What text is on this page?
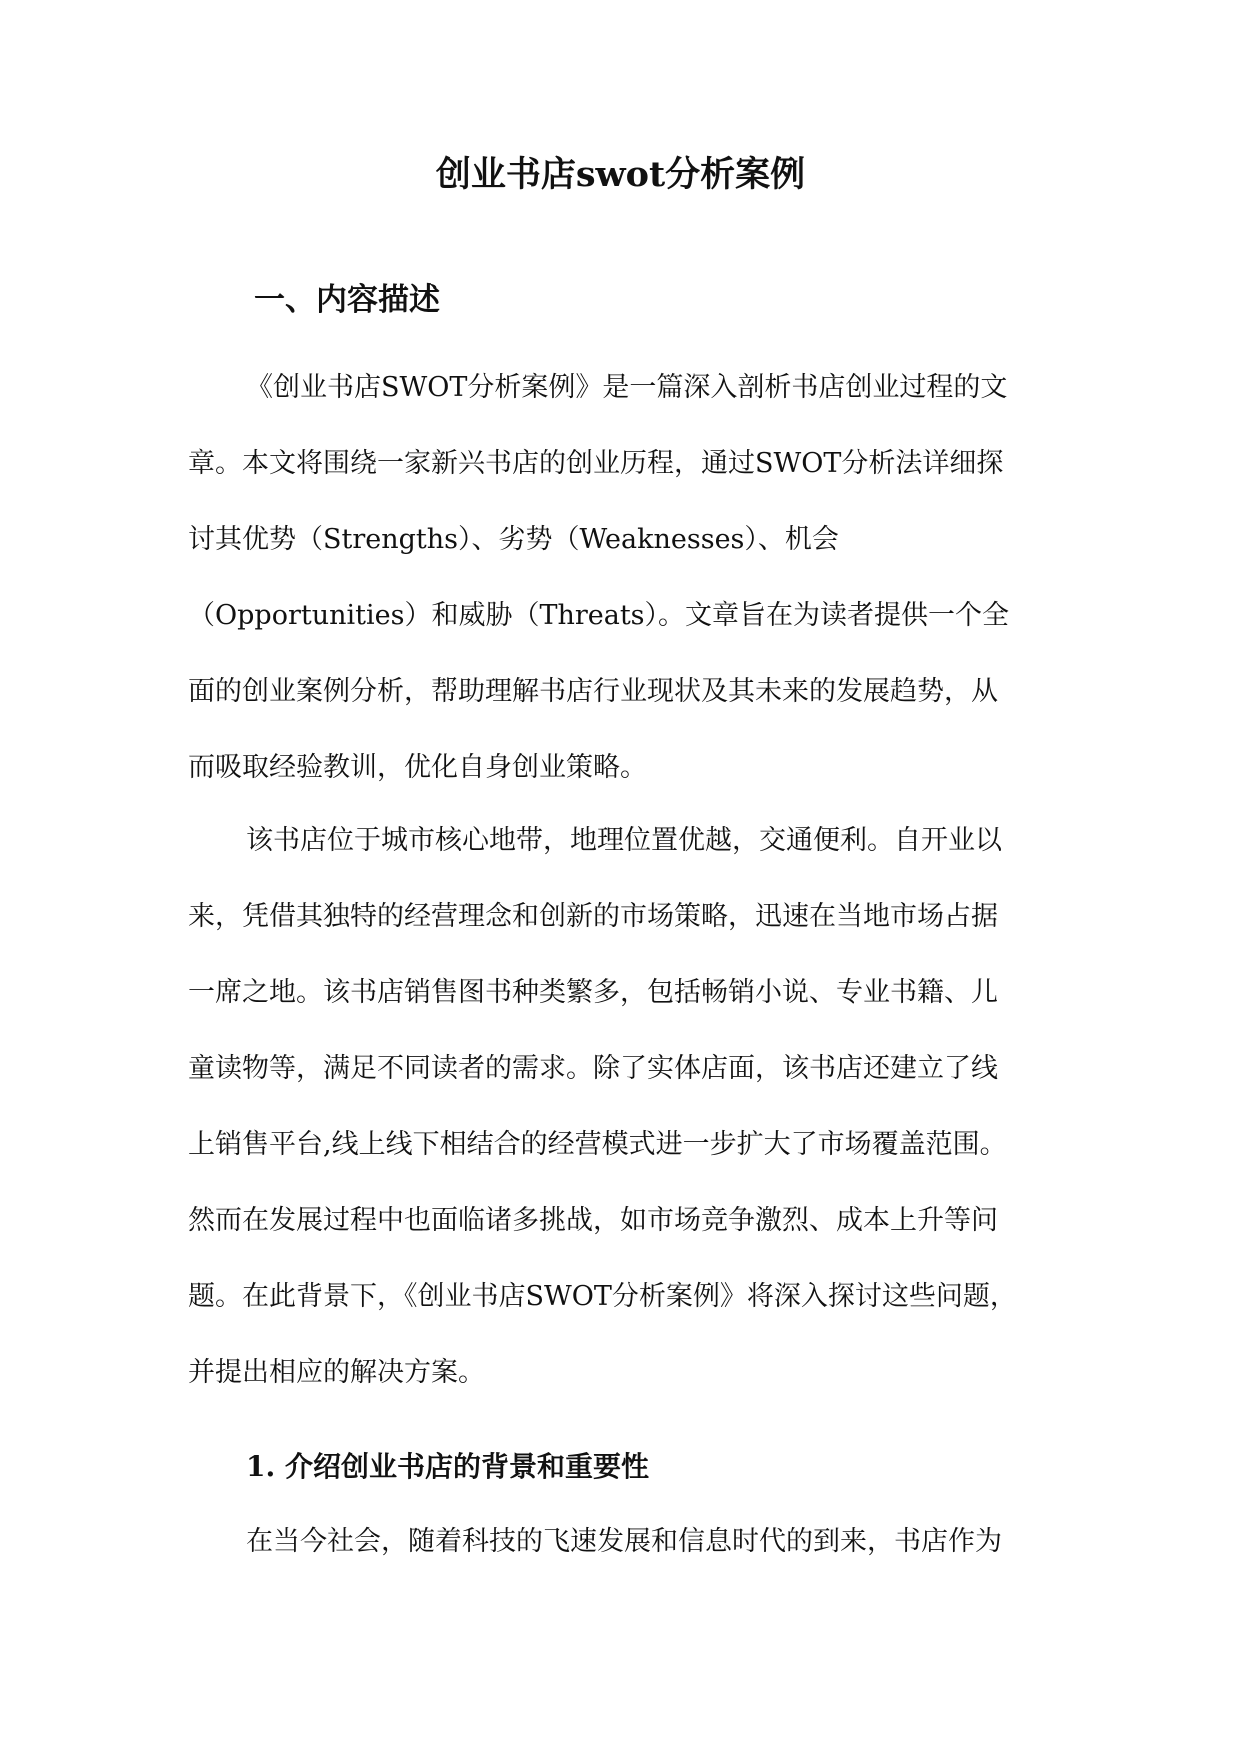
创业书店swot分析案例
一、内容描述

《创业书店SWOT分析案例》是一篇深入剖析书店创业过程的文
章。本文将围绕一家新兴书店的创业历程，通过SWOT分析法详细探
讨其优势（Strengths）、劣势（Weaknesses）、机会
（Opportunities）和威胁（Threats）。文章旨在为读者提供一个全
面的创业案例分析，帮助理解书店行业现状及其未来的发展趋势，从
而吸取经验教训，优化自身创业策略。

该书店位于城市核心地带，地理位置优越，交通便利。自开业以
来，凭借其独特的经营理念和创新的市场策略，迅速在当地市场占据
一席之地。该书店销售图书种类繁多，包括畅销小说、专业书籍、儿
童读物等，满足不同读者的需求。除了实体店面，该书店还建立了线
上销售平台,线上线下相结合的经营模式进一步扩大了市场覆盖范围。
然而在发展过程中也面临诸多挑战，如市场竞争激烈、成本上升等问
题。在此背景下，《创业书店SWOT分析案例》将深入探讨这些问题，
并提出相应的解决方案。

1. 介绍创业书店的背景和重要性

在当今社会，随着科技的飞速发展和信息时代的到来，书店作为
